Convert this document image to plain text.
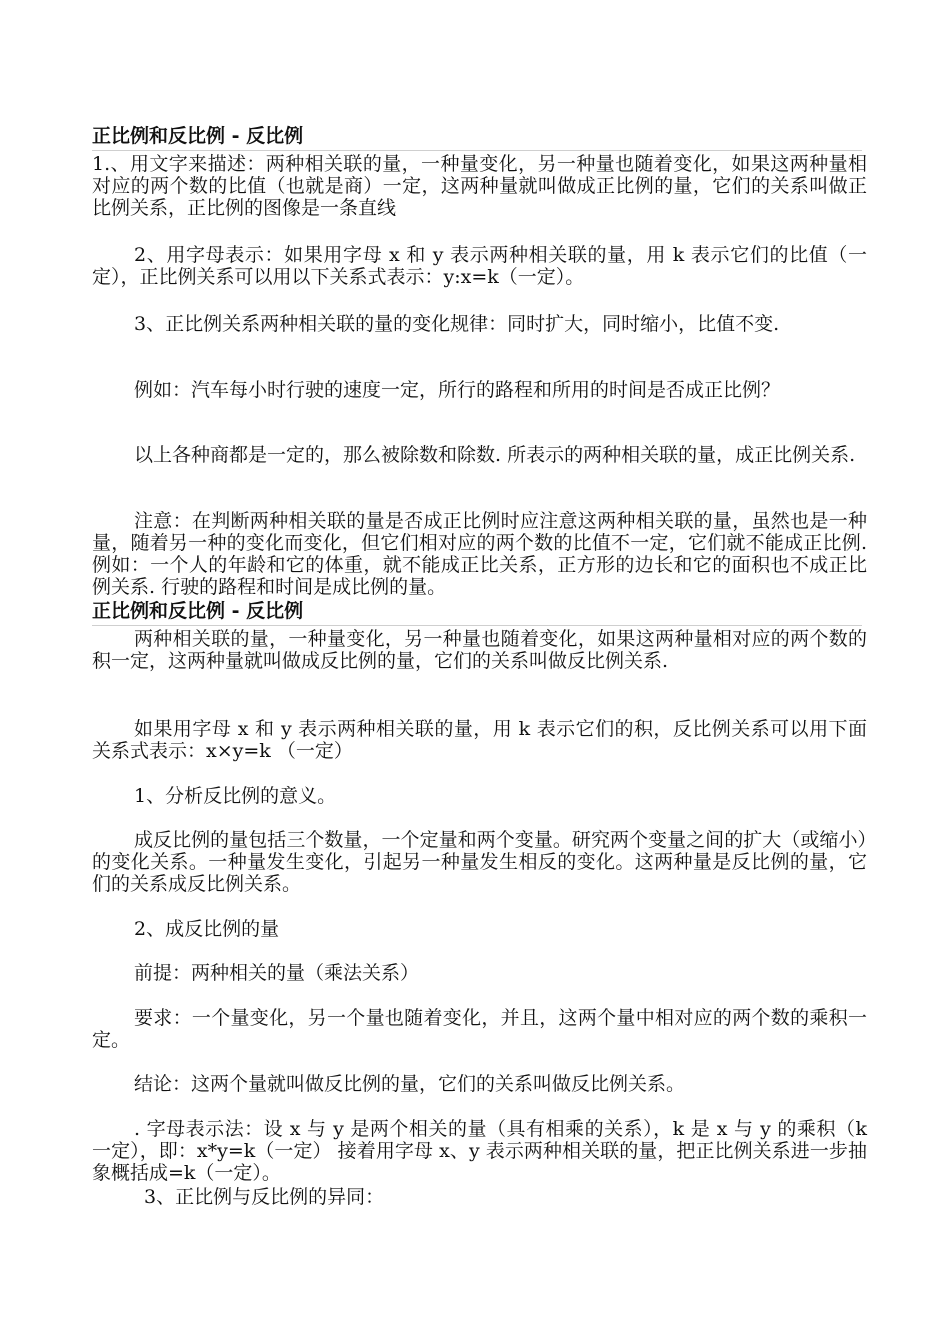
正比例和反比例 - 反比例
1.、用文字来描述：两种相关联的量，一种量变化，另一种量也随着变化，如果这两种量相对应的两个数的比值（也就是商）一定，这两种量就叫做成正比例的量，它们的关系叫做正比例关系，正比例的图像是一条直线
2、用字母表示：如果用字母 x 和 y 表示两种相关联的量，用 k 表示它们的比值（一定），正比例关系可以用以下关系式表示：y:x=k（一定）。
3、正比例关系两种相关联的量的变化规律：同时扩大，同时缩小，比值不变.
例如：汽车每小时行驶的速度一定，所行的路程和所用的时间是否成正比例？
以上各种商都是一定的，那么被除数和除数. 所表示的两种相关联的量，成正比例关系.
注意：在判断两种相关联的量是否成正比例时应注意这两种相关联的量，虽然也是一种量，随着另一种的变化而变化，但它们相对应的两个数的比值不一定，它们就不能成正比例. 例如：一个人的年龄和它的体重，就不能成正比关系，正方形的边长和它的面积也不成正比例关系. 行驶的路程和时间是成比例的量。
正比例和反比例 - 反比例
两种相关联的量，一种量变化，另一种量也随着变化，如果这两种量相对应的两个数的积一定，这两种量就叫做成反比例的量，它们的关系叫做反比例关系.
如果用字母 x 和 y 表示两种相关联的量，用 k 表示它们的积，反比例关系可以用下面关系式表示：x×y=k （一定）
1、分析反比例的意义。
成反比例的量包括三个数量，一个定量和两个变量。研究两个变量之间的扩大（或缩小）的变化关系。一种量发生变化，引起另一种量发生相反的变化。这两种量是反比例的量，它们的关系成反比例关系。
2、成反比例的量
前提：两种相关的量（乘法关系）
要求：一个量变化，另一个量也随着变化，并且，这两个量中相对应的两个数的乘积一定。
结论：这两个量就叫做反比例的量，它们的关系叫做反比例关系。
. 字母表示法：设 x 与 y 是两个相关的量（具有相乘的关系），k 是 x 与 y 的乘积（k 一定），即：x*y=k（一定） 接着用字母 x、y 表示两种相关联的量，把正比例关系进一步抽象概括成=k（一定）。
3、正比例与反比例的异同：
